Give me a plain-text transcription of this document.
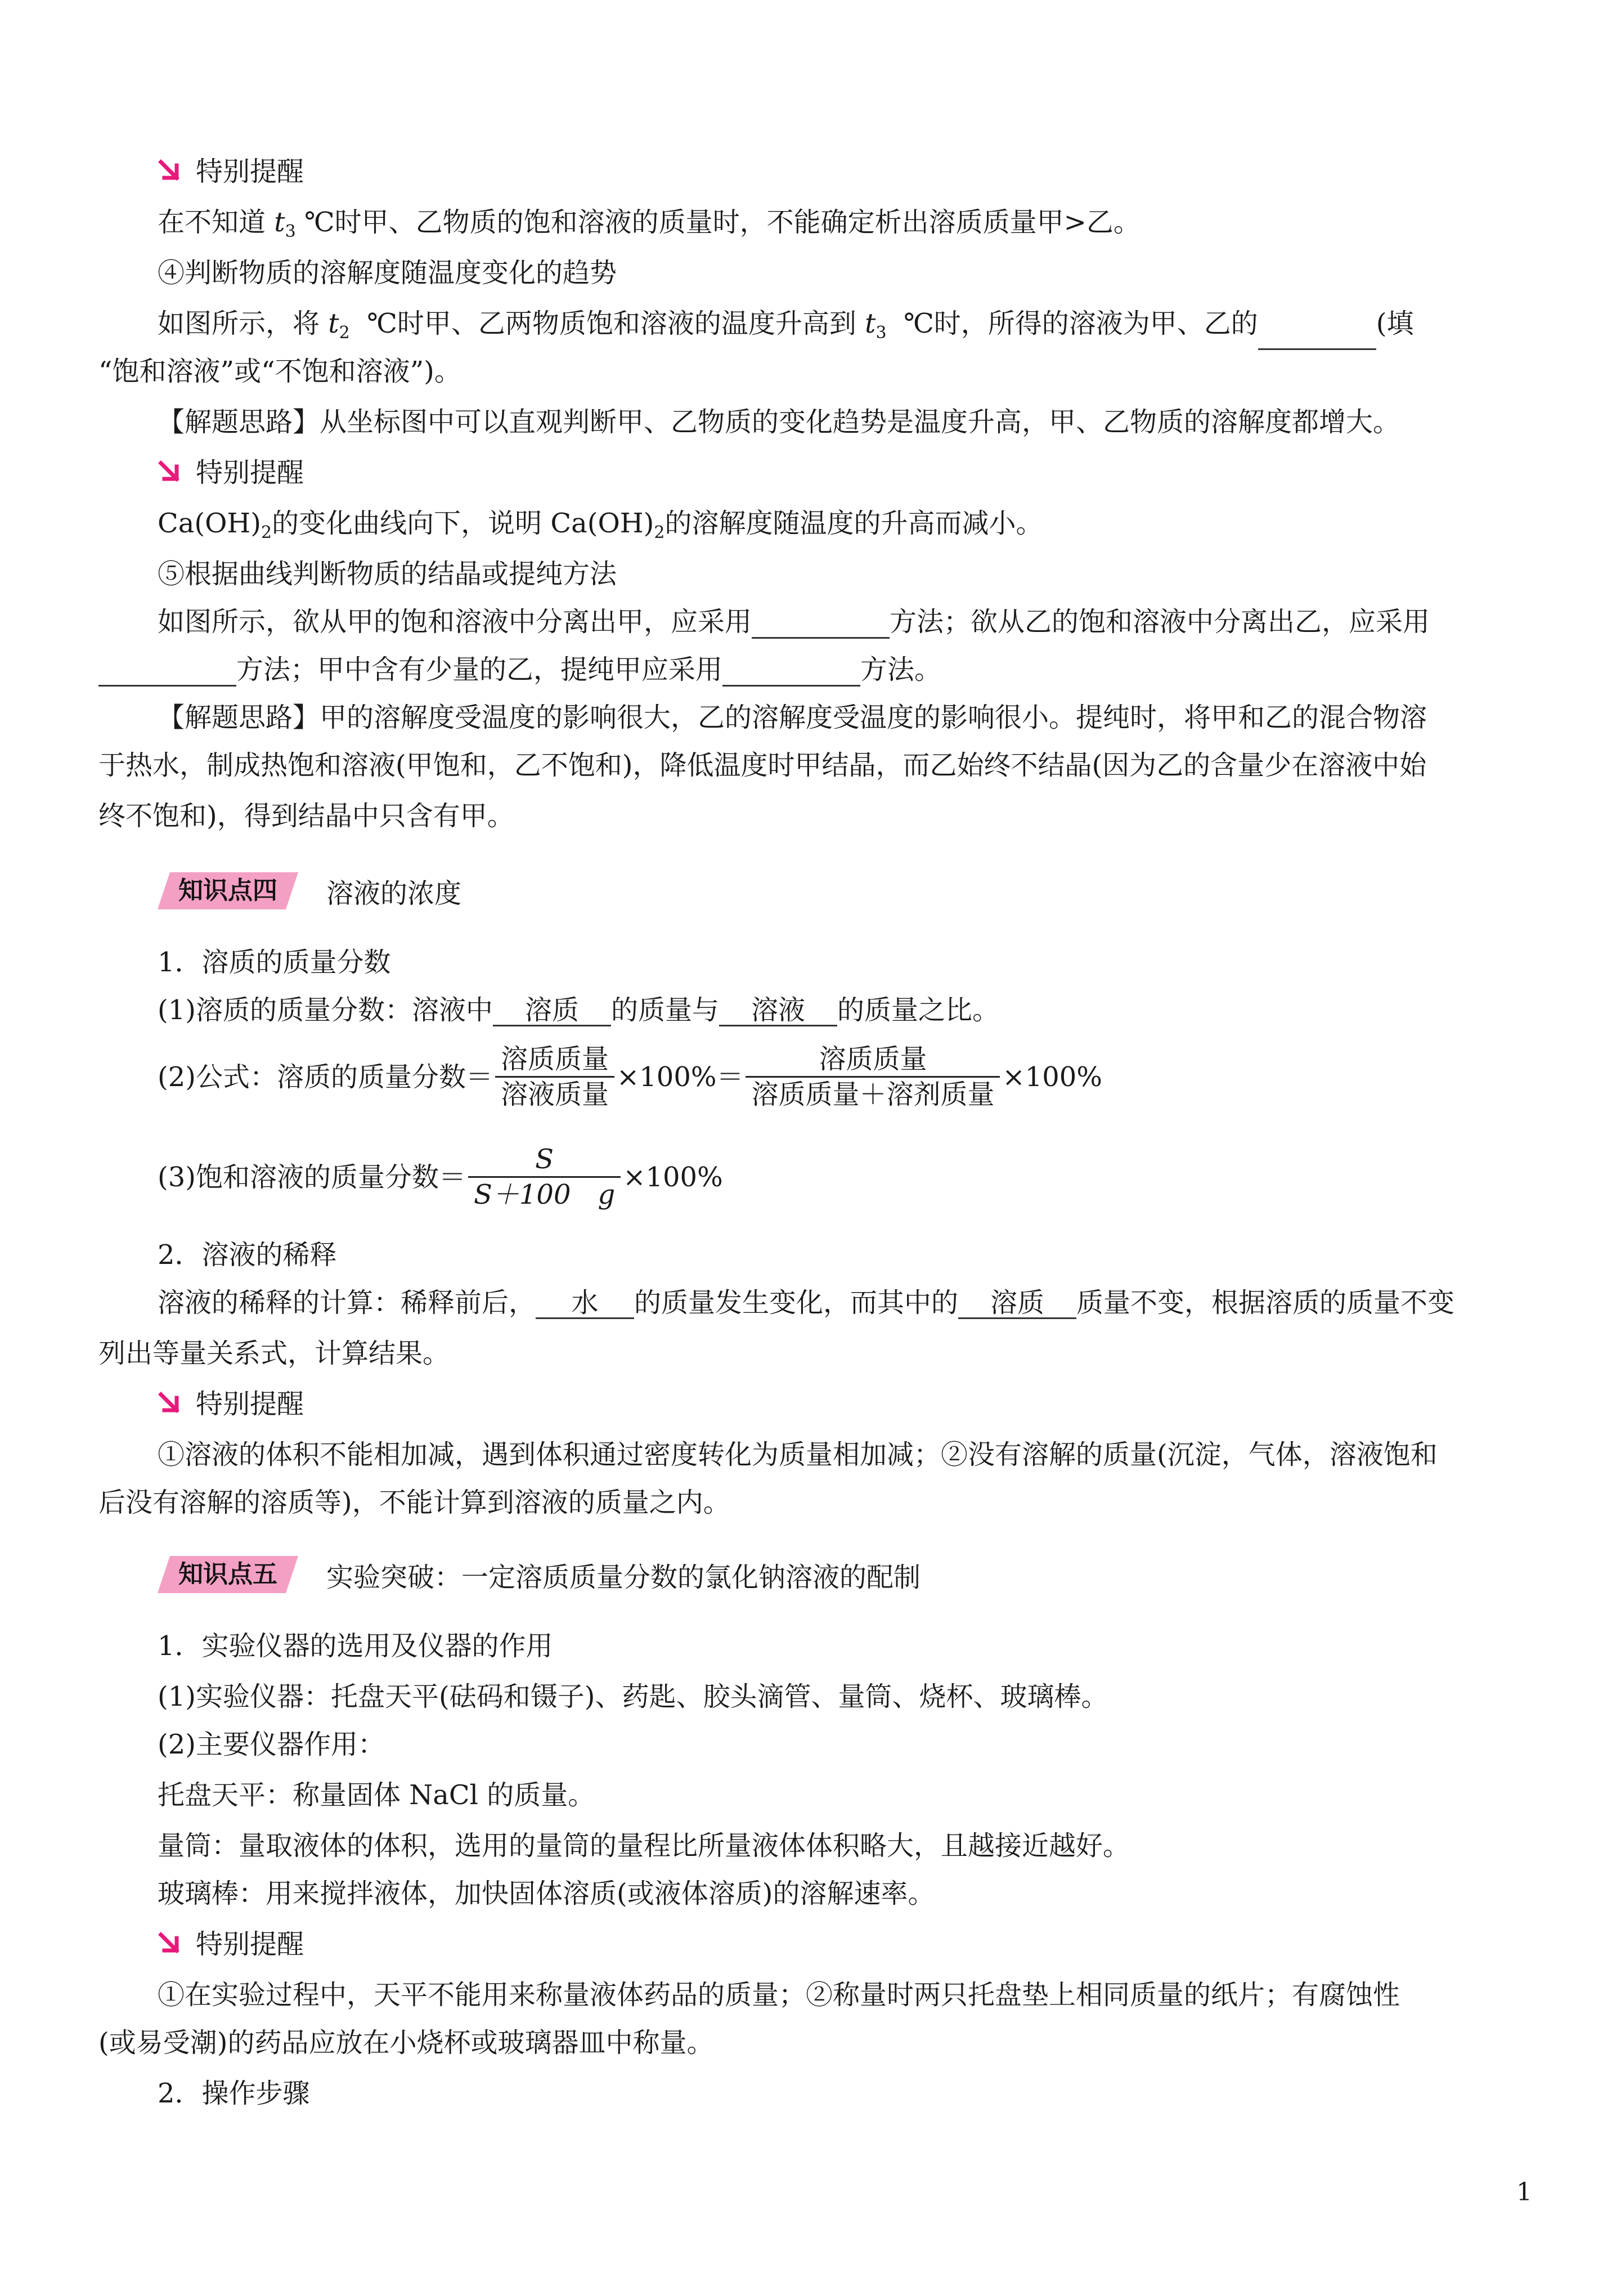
特别提醒
在不知道 $t_3$ ℃时甲、乙物质的饱和溶液的质量时，不能确定析出溶质质量甲>乙。
④判断物质的溶解度随温度变化的趋势
如图所示，将 $t_2$ ℃时甲、乙两物质饱和溶液的温度升高到 $t_3$ ℃时，所得的溶液为甲、乙的	(填
“饱和溶液”或“不饱和溶液”)。
【解题思路】从坐标图中可以直观判断甲、乙物质的变化趋势是温度升高，甲、乙物质的溶解度都增大。
特别提醒
$Ca(OH)_2$的变化曲线向下，说明 $Ca(OH)_2$的溶解度随温度的升高而减小。
⑤根据曲线判断物质的结晶或提纯方法
如图所示，欲从甲的饱和溶液中分离出甲，应采用	方法；欲从乙的饱和溶液中分离出乙，应采用
方法；甲中含有少量的乙，提纯甲应采用	方法。
【解题思路】甲的溶解度受温度的影响很大，乙的溶解度受温度的影响很小。提纯时，将甲和乙的混合物溶
于热水，制成热饱和溶液(甲饱和，乙不饱和)，降低温度时甲结晶，而乙始终不结晶(因为乙的含量少在溶液中始
终不饱和)，得到结晶中只含有甲。
知识点四	溶液的浓度
1．溶质的质量分数
(1)溶质的质量分数：溶液中 溶质 的质量与 溶液 的质量之比。
(2)公式：溶质的质量分数＝ $\frac{\text{溶质质量}}{\text{溶液质量}} \times 100\%= \frac{\text{溶质质量}}{\text{溶质质量＋溶剂质量}} \times 100\%$
(3)饱和溶液的质量分数＝ $\frac{S}{S+100 g} \times 100\%$
2．溶液的稀释
溶液的稀释的计算：稀释前后， 水 的质量发生变化，而其中的 溶质 质量不变，根据溶质的质量不变
列出等量关系式，计算结果。
特别提醒
①溶液的体积不能相加减，遇到体积通过密度转化为质量相加减；②没有溶解的质量(沉淀，气体，溶液饱和
后没有溶解的溶质等)，不能计算到溶液的质量之内。
知识点五	实验突破：一定溶质质量分数的氯化钠溶液的配制
1．实验仪器的选用及仪器的作用
(1)实验仪器：托盘天平(砝码和镊子)、药匙、胶头滴管、量筒、烧杯、玻璃棒。
(2)主要仪器作用：
托盘天平：称量固体 NaCl 的质量。
量筒：量取液体的体积，选用的量筒的量程比所量液体体积略大，且越接近越好。
玻璃棒：用来搅拌液体，加快固体溶质(或液体溶质)的溶解速率。
特别提醒
①在实验过程中，天平不能用来称量液体药品的质量；②称量时两只托盘垫上相同质量的纸片；有腐蚀性
(或易受潮)的药品应放在小烧杯或玻璃器皿中称量。
2．操作步骤
1
